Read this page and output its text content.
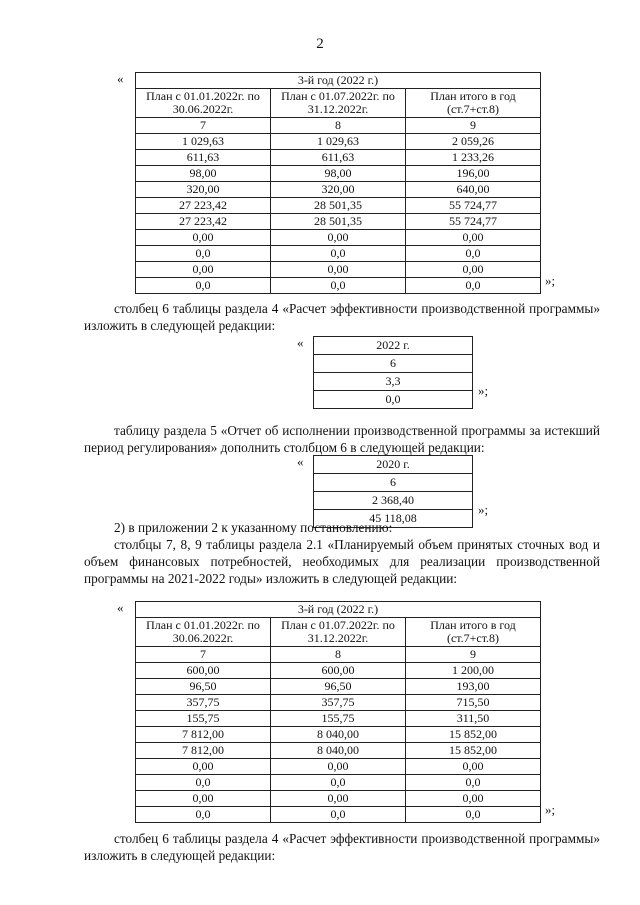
2
«	3-й год (2022 г.)		
План с 01.01.2022г. по 30.06.2022г.	План с 01.07.2022г. по 31.12.2022г.	План итого в год (ст.7+ст.8)
7	8	9
1 029,63	1 029,63	2 059,26
611,63	611,63	1 233,26
98,00	98,00	196,00
320,00	320,00	640,00
27 223,42	28 501,35	55 724,77
27 223,42	28 501,35	55 724,77
0,00	0,00	0,00
0,0	0,0	0,0
0,00	0,00	0,00
0,0	0,0	0,0	»;
столбец 6 таблицы раздела 4 «Расчет эффективности производственной программы» изложить в следующей редакции:
«	2022 г.
6
3,3
0,0
»;
таблицу раздела 5 «Отчет об исполнении производственной программы за истекший период регулирования» дополнить столбцом 6 в следующей редакции:
«	2020 г.
6
2 368,40
45 118,08
»;
2) в приложении 2 к указанному постановлению:
столбцы 7, 8, 9 таблицы раздела 2.1 «Планируемый объем принятых сточных вод и объем финансовых потребностей, необходимых для реализации производственной программы на 2021-2022 годы» изложить в следующей редакции:
«	3-й год (2022 г.)		
План с 01.01.2022г. по 30.06.2022г.	План с 01.07.2022г. по 31.12.2022г.	План итого в год (ст.7+ст.8)
7	8	9
600,00	600,00	1 200,00
96,50	96,50	193,00
357,75	357,75	715,50
155,75	155,75	311,50
7 812,00	8 040,00	15 852,00
7 812,00	8 040,00	15 852,00
0,00	0,00	0,00
0,0	0,0	0,0
0,00	0,00	0,00
0,0	0,0	0,0	»;
столбец 6 таблицы раздела 4 «Расчет эффективности производственной программы» изложить в следующей редакции:
